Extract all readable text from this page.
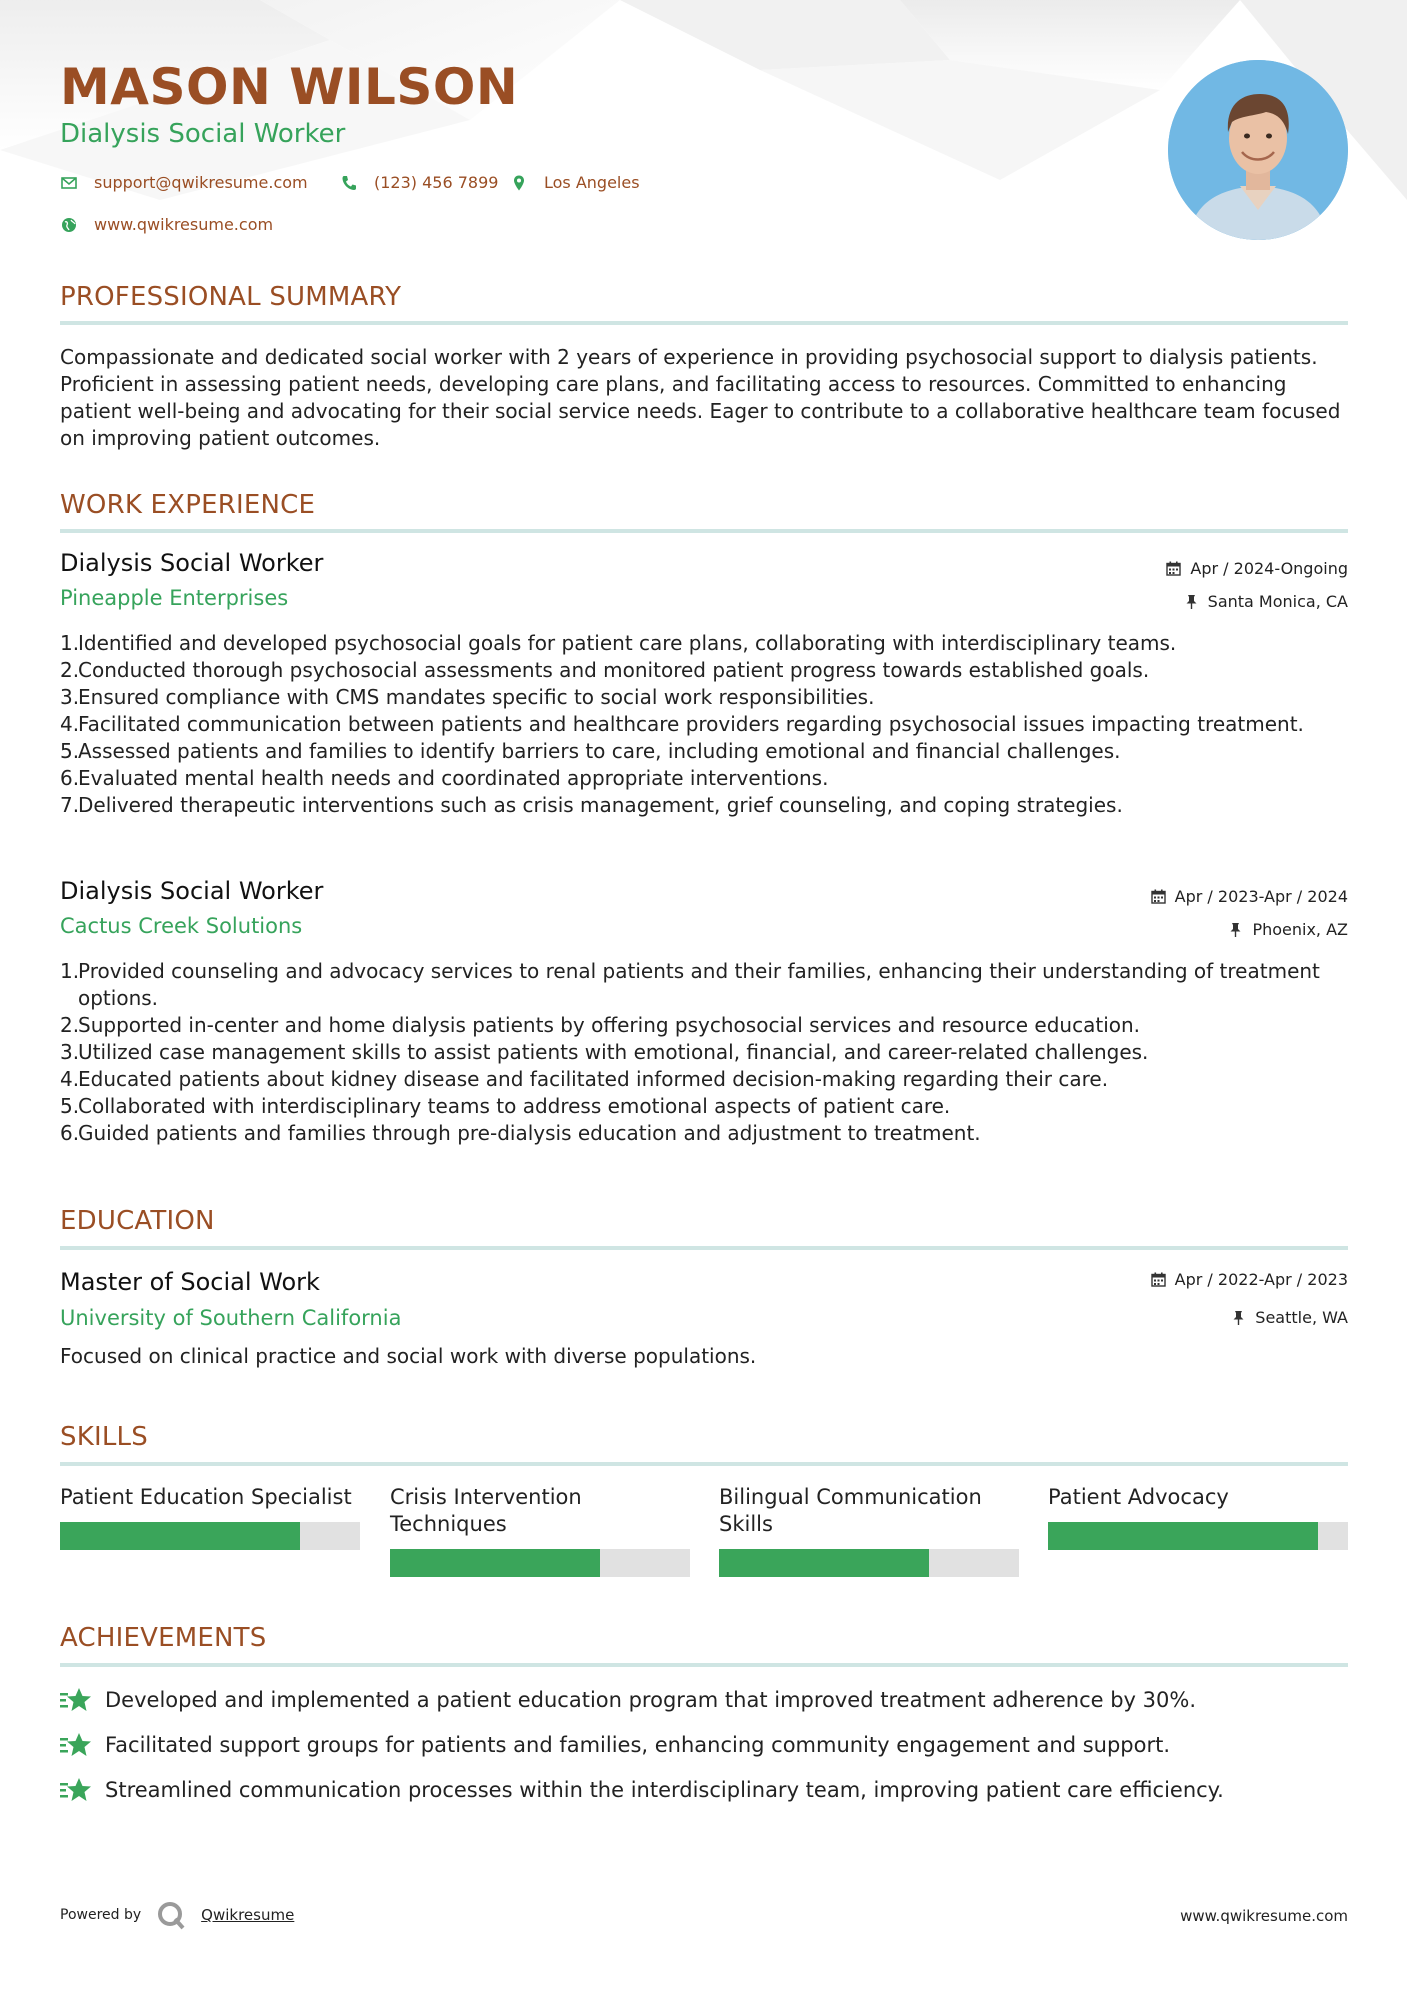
MASON WILSON
Dialysis Social Worker
support@qwikresume.com	(123) 456 7899	Los Angeles
www.qwikresume.com
PROFESSIONAL SUMMARY
Compassionate and dedicated social worker with 2 years of experience in providing psychosocial support to dialysis patients. Proficient in assessing patient needs, developing care plans, and facilitating access to resources. Committed to enhancing patient well-being and advocating for their social service needs. Eager to contribute to a collaborative healthcare team focused on improving patient outcomes.
WORK EXPERIENCE
Dialysis Social Worker	Apr / 2024-Ongoing
Pineapple Enterprises	Santa Monica, CA
Identified and developed psychosocial goals for patient care plans, collaborating with interdisciplinary teams.
Conducted thorough psychosocial assessments and monitored patient progress towards established goals.
Ensured compliance with CMS mandates specific to social work responsibilities.
Facilitated communication between patients and healthcare providers regarding psychosocial issues impacting treatment.
Assessed patients and families to identify barriers to care, including emotional and financial challenges.
Evaluated mental health needs and coordinated appropriate interventions.
Delivered therapeutic interventions such as crisis management, grief counseling, and coping strategies.
Dialysis Social Worker	Apr / 2023-Apr / 2024
Cactus Creek Solutions	Phoenix, AZ
Provided counseling and advocacy services to renal patients and their families, enhancing their understanding of treatment options.
Supported in-center and home dialysis patients by offering psychosocial services and resource education.
Utilized case management skills to assist patients with emotional, financial, and career-related challenges.
Educated patients about kidney disease and facilitated informed decision-making regarding their care.
Collaborated with interdisciplinary teams to address emotional aspects of patient care.
Guided patients and families through pre-dialysis education and adjustment to treatment.
EDUCATION
Master of Social Work	Apr / 2022-Apr / 2023
University of Southern California	Seattle, WA
Focused on clinical practice and social work with diverse populations.
SKILLS
Patient Education Specialist	Crisis Intervention Techniques
Bilingual Communication Skills
Patient Advocacy
ACHIEVEMENTS
Developed and implemented a patient education program that improved treatment adherence by 30%.
Facilitated support groups for patients and families, enhancing community engagement and support.
Streamlined communication processes within the interdisciplinary team, improving patient care efficiency.
Powered by	Qwikresume	www.qwikresume.com
